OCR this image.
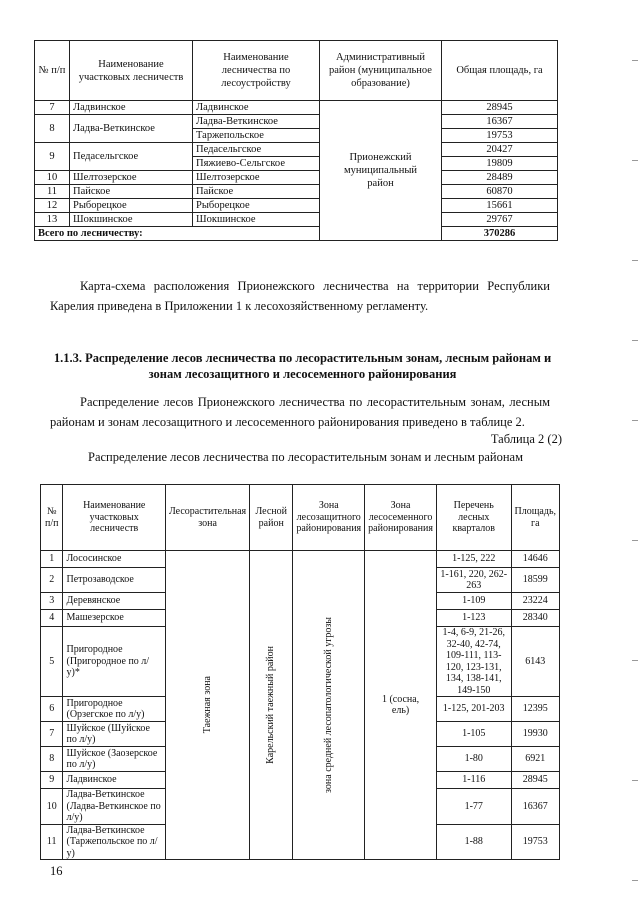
№ п/п	Наименование участковых лесничеств	Наименование лесничества по лесоустройству	Административный район (муниципальное образование)	Общая площадь, га
7	Ладвинское	Ладвинское	Прионежский муниципальный район	28945
8	Ладва-Веткинское	Ладва-Веткинское		16367
		Таржепольское		19753
9	Педасельгское	Педасельгское		20427
		Пяжиево-Сельгское		19809
10	Шелтозерское	Шелтозерское		28489
11	Пайское	Пайское		60870
12	Рыборецкое	Рыборецкое		15661
13	Шокшинское	Шокшинское		29767
Всего по лесничеству:				370286
Карта-схема расположения Прионежского лесничества на территории Республики Карелия приведена в Приложении 1 к лесохозяйственному регламенту.
1.1.3. Распределение лесов лесничества по лесорастительным зонам, лесным районам и зонам лесозащитного и лесосеменного районирования
Распределение лесов Прионежского лесничества по лесорастительным зонам, лесным районам и зонам лесозащитного и лесосеменного районирования приведено в таблице 2.
Таблица 2 (2)
Распределение лесов лесничества по лесорастительным зонам и лесным районам
№ п/п	Наименование участковых лесничеств	Лесорастительная зона	Лесной район	Зона лесозащитного районирования	Зона лесосеменного районирования	Перечень лесных кварталов	Площадь, га
1	Лососинское	Таежная зона	Карельский таежный район	зона средней лесопатологической угрозы	1 (сосна, ель)	1-125, 222	14646
2	Петрозаводское					1-161, 220, 262-263	18599
3	Деревянское					1-109	23224
4	Машезерское					1-123	28340
5	Пригородное (Пригородное по л/у)*					1-4, 6-9, 21-26, 32-40, 42-74, 109-111, 113-120, 123-131, 134, 138-141, 149-150	6143
6	Пригородное (Орзегское по л/у)					1-125, 201-203	12395
7	Шуйское (Шуйское по л/у)					1-105	19930
8	Шуйское (Заозерское по л/у)					1-80	6921
9	Ладвинское					1-116	28945
10	Ладва-Веткинское (Ладва-Веткинское по л/у)					1-77	16367
11	Ладва-Веткинское (Таржепольское по л/у)					1-88	19753
16
